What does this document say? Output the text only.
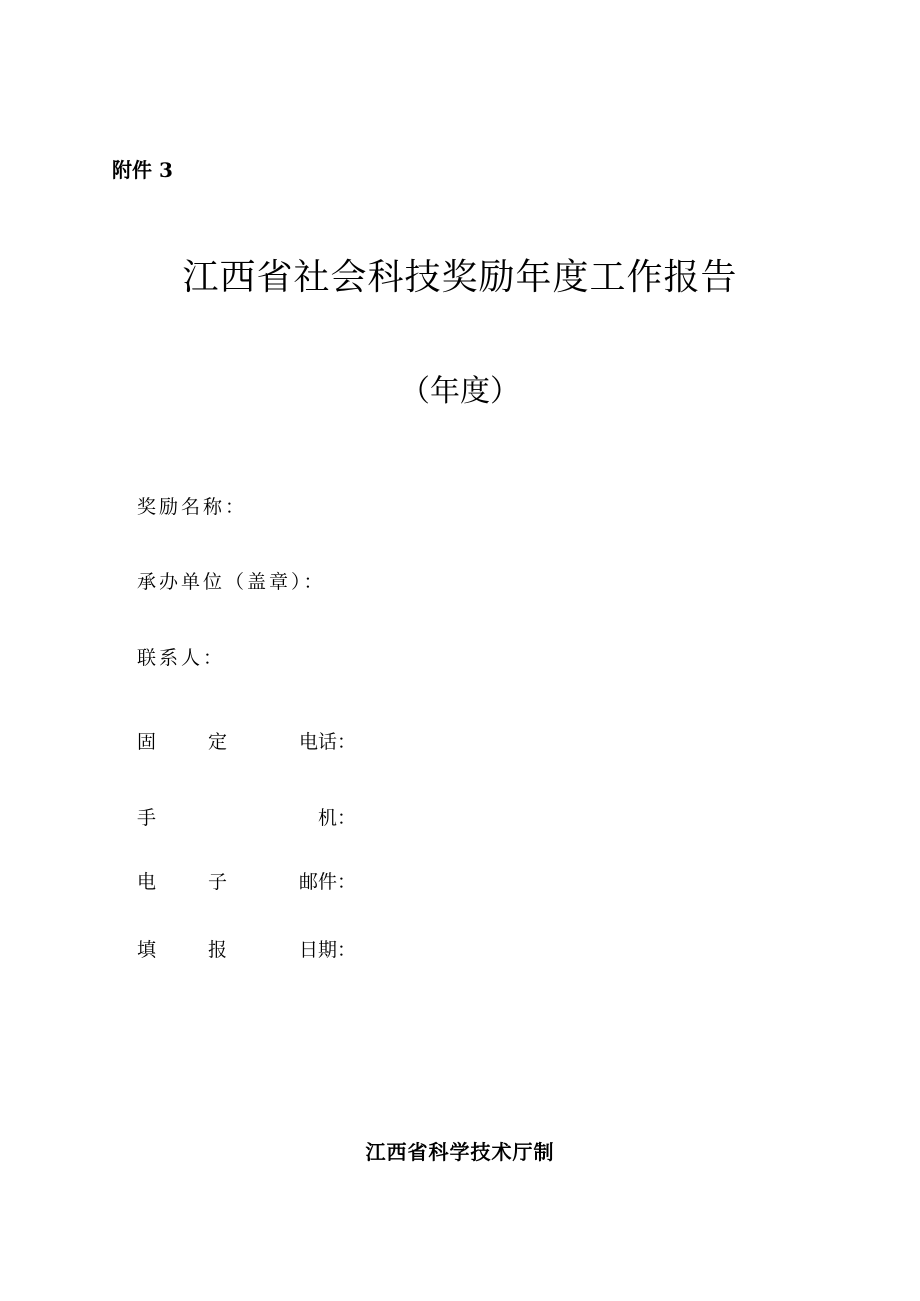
附件 3
江西省社会科技奖励年度工作报告
（年度）
奖励名称：
承办单位（盖章）：
联系人：
固	定	电话：
手	机：
电	子	邮件：
填	报	日期：
江西省科学技术厅制
